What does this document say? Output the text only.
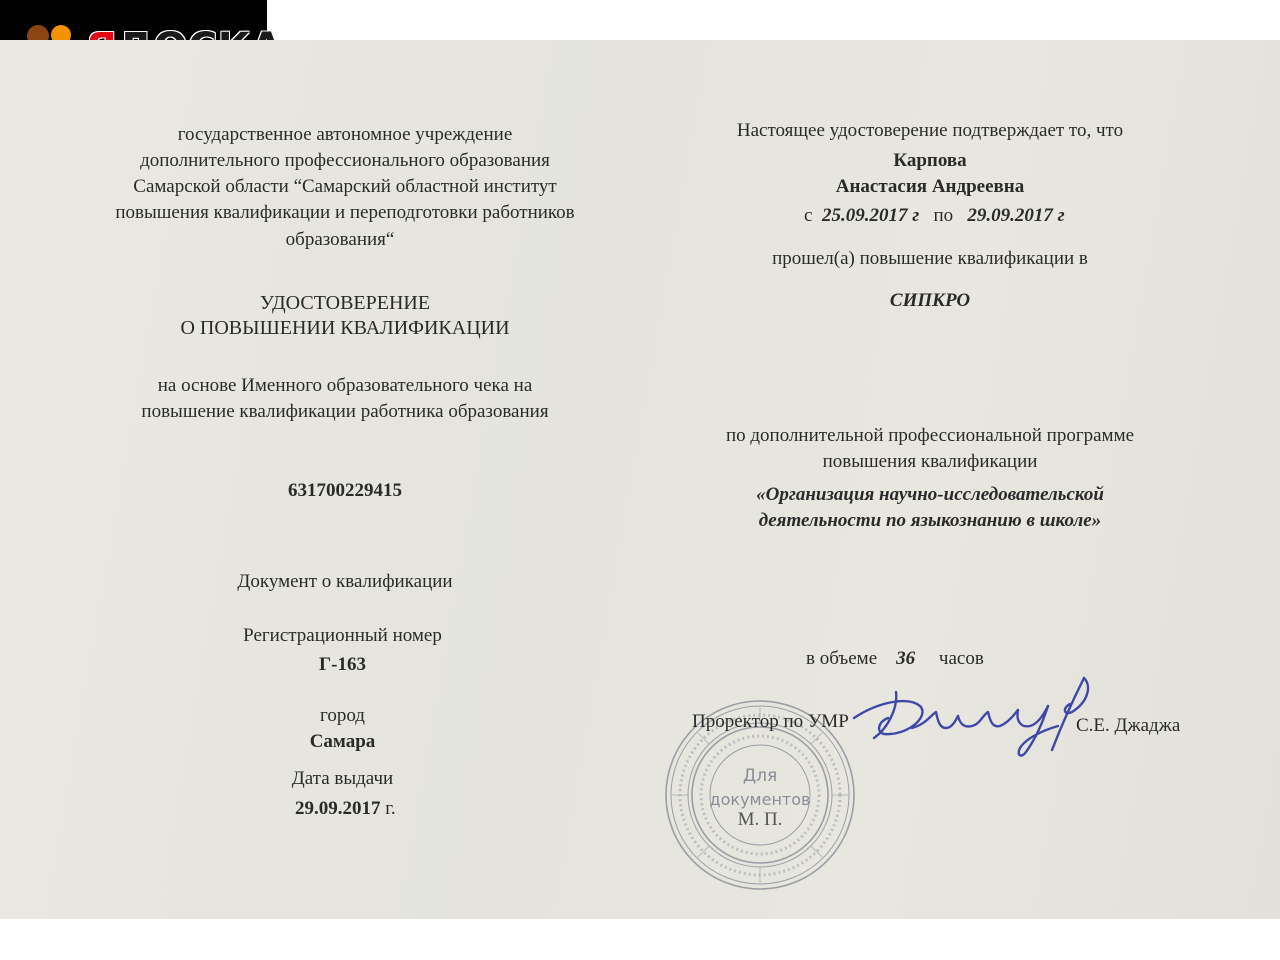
государственное автономное учреждение
дополнительного профессионального образования
Самарской области “Самарский областной институт
повышения квалификации и переподготовки работников
образования“
УДОСТОВЕРЕНИЕ
О ПОВЫШЕНИИ КВАЛИФИКАЦИИ
на основе Именного образовательного чека на
повышение квалификации работника образования
631700229415
Документ о квалификации
Регистрационный номер
Г-163
город
Самара
Дата выдачи
29.09.2017 г.
Настоящее удостоверение подтверждает то, что
Карпова
Анастасия Андреевна
с 25.09.2017 г по 29.09.2017 г
прошел(а) повышение квалификации в
СИПКРО
по дополнительной профессиональной программе
повышения квалификации
«Организация научно-исследовательской
деятельности по языкознанию в школе»
в объеме 36 часов
Для
документов
М. П.
Проректор по УМР	С.Е. Джаджа
